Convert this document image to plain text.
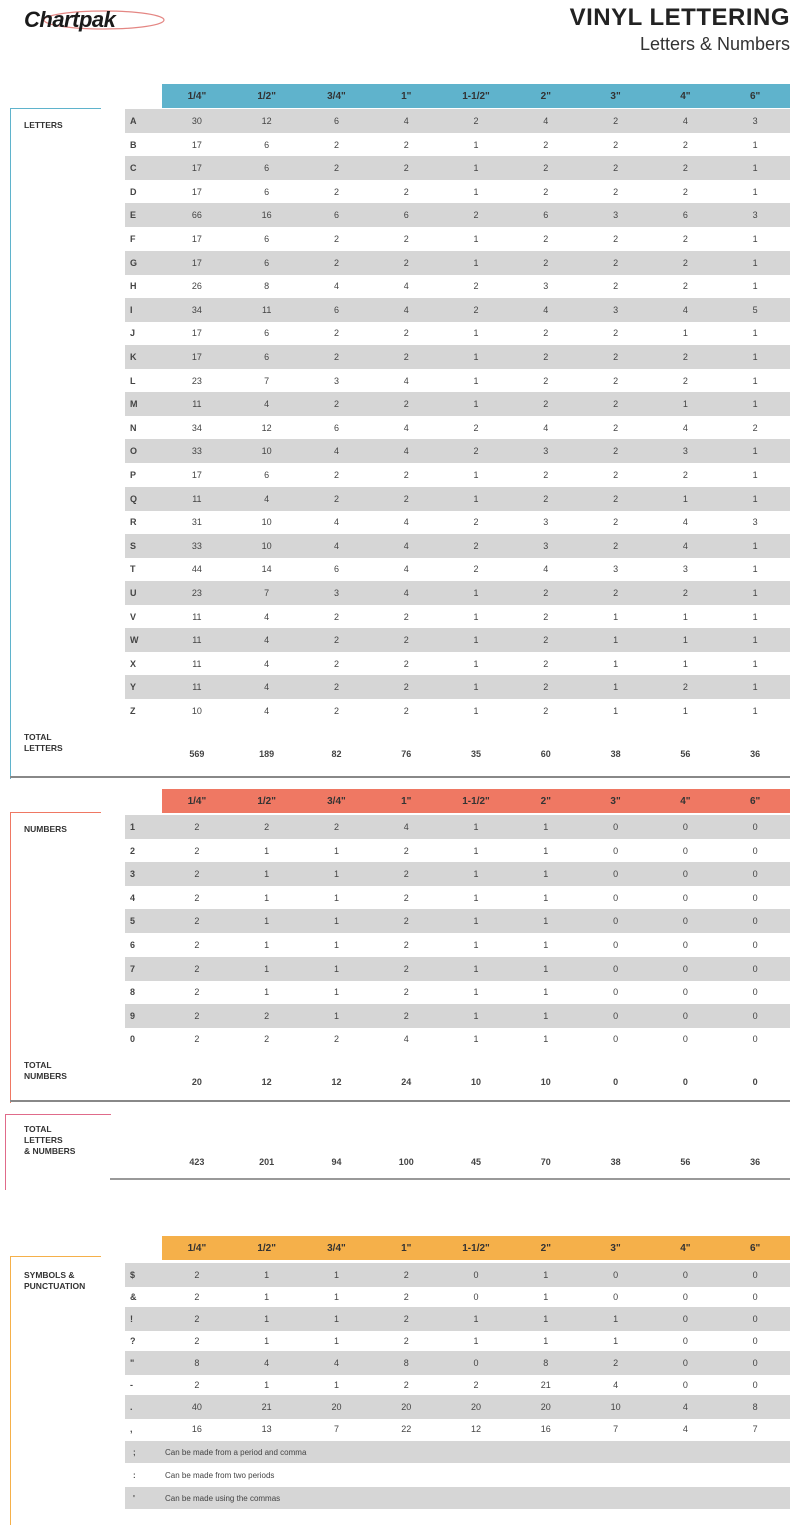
Chartpak	VINYL LETTERING
Letters & Numbers
1/4"	1/2"	3/4"	1"	1-1/2"	2"	3"	4"	6"
LETTERS	A	30	12	6	4	2	4	2	4	3
B	17	6	2	2	1	2	2	2	1
C	17	6	2	2	1	2	2	2	1
D	17	6	2	2	1	2	2	2	1
E	66	16	6	6	2	6	3	6	3
F	17	6	2	2	1	2	2	2	1
G	17	6	2	2	1	2	2	2	1
H	26	8	4	4	2	3	2	2	1
I	34	11	6	4	2	4	3	4	5
J	17	6	2	2	1	2	2	1	1
K	17	6	2	2	1	2	2	2	1
L	23	7	3	4	1	2	2	2	1
M	11	4	2	2	1	2	2	1	1
N	34	12	6	4	2	4	2	4	2
O	33	10	4	4	2	3	2	3	1
P	17	6	2	2	1	2	2	2	1
Q	11	4	2	2	1	2	2	1	1
R	31	10	4	4	2	3	2	4	3
S	33	10	4	4	2	3	2	4	1
T	44	14	6	4	2	4	3	3	1
U	23	7	3	4	1	2	2	2	1
V	11	4	2	2	1	2	1	1	1
W	11	4	2	2	1	2	1	1	1
X	11	4	2	2	1	2	1	1	1
Y	11	4	2	2	1	2	1	2	1
Z	10	4	2	2	1	2	1	1	1
TOTAL
LETTERS
569	189	82	76	35	60	38	56	36
1/4"	1/2"	3/4"	1"	1-1/2"	2"	3"	4"	6"
NUMBERS	1	2	2	2	4	1	1	0	0	0
2	2	1	1	2	1	1	0	0	0
3	2	1	1	2	1	1	0	0	0
4	2	1	1	2	1	1	0	0	0
5	2	1	1	2	1	1	0	0	0
6	2	1	1	2	1	1	0	0	0
7	2	1	1	2	1	1	0	0	0
8	2	1	1	2	1	1	0	0	0
9	2	2	1	2	1	1	0	0	0
0	2	2	2	4	1	1	0	0	0
TOTAL
NUMBERS
20	12	12	24	10	10	0	0	0
TOTAL
LETTERS
& NUMBERS
423	201	94	100	45	70	38	56	36
1/4"	1/2"	3/4"	1"	1-1/2"	2"	3"	4"	6"
SYMBOLS &
PUNCTUATION
$	2	1	1	2	0	1	0	0	0
&	2	1	1	2	0	1	0	0	0
!	2	1	1	2	1	1	1	0	0
?	2	1	1	2	1	1	1	0	0
"	8	4	4	8	0	8	2	0	0
-	2	1	1	2	2	21	4	0	0
.	40	21	20	20	20	20	10	4	8
,	16	13	7	22	12	16	7	4	7
;	Can be made from a period and comma
:	Can be made from two periods
'	Can be made using the commas
